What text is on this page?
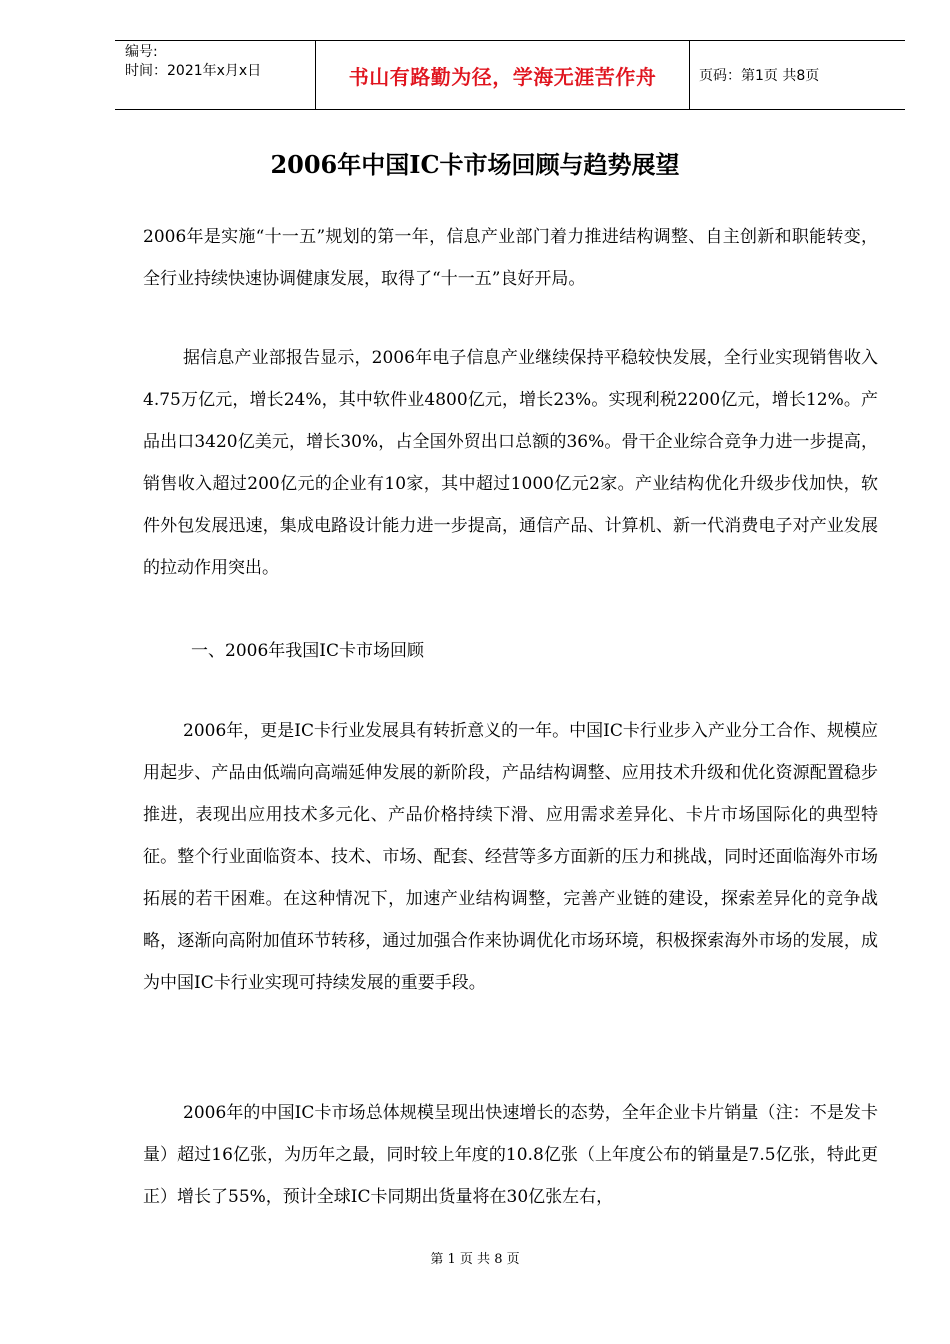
编号:
时间：2021年x月x日	书山有路勤为径，学海无涯苦作舟	页码：第1页 共8页
2006年中国IC卡市场回顾与趋势展望

2006年是实施“十一五”规划的第一年，信息产业部门着力推进结构调整、自主创新和职能转变，全行业持续快速协调健康发展，取得了“十一五”良好开局。

据信息产业部报告显示，2006年电子信息产业继续保持平稳较快发展，全行业实现销售收入4.75万亿元，增长24%，其中软件业4800亿元，增长23%。实现利税2200亿元，增长12%。产品出口3420亿美元，增长30%，占全国外贸出口总额的36%。骨干企业综合竞争力进一步提高，销售收入超过200亿元的企业有10家，其中超过1000亿元2家。产业结构优化升级步伐加快，软件外包发展迅速，集成电路设计能力进一步提高，通信产品、计算机、新一代消费电子对产业发展的拉动作用突出。

一、2006年我国IC卡市场回顾

2006年，更是IC卡行业发展具有转折意义的一年。中国IC卡行业步入产业分工合作、规模应用起步、产品由低端向高端延伸发展的新阶段，产品结构调整、应用技术升级和优化资源配置稳步推进，表现出应用技术多元化、产品价格持续下滑、应用需求差异化、卡片市场国际化的典型特征。整个行业面临资本、技术、市场、配套、经营等多方面新的压力和挑战，同时还面临海外市场拓展的若干困难。在这种情况下，加速产业结构调整，完善产业链的建设，探索差异化的竞争战略，逐渐向高附加值环节转移，通过加强合作来协调优化市场环境，积极探索海外市场的发展，成为中国IC卡行业实现可持续发展的重要手段。

2006年的中国IC卡市场总体规模呈现出快速增长的态势，全年企业卡片销量（注：不是发卡量）超过16亿张，为历年之最，同时较上年度的10.8亿张（上年度公布的销量是7.5亿张，特此更正）增长了55%，预计全球IC卡同期出货量将在30亿张左右，

第 1 页 共 8 页
